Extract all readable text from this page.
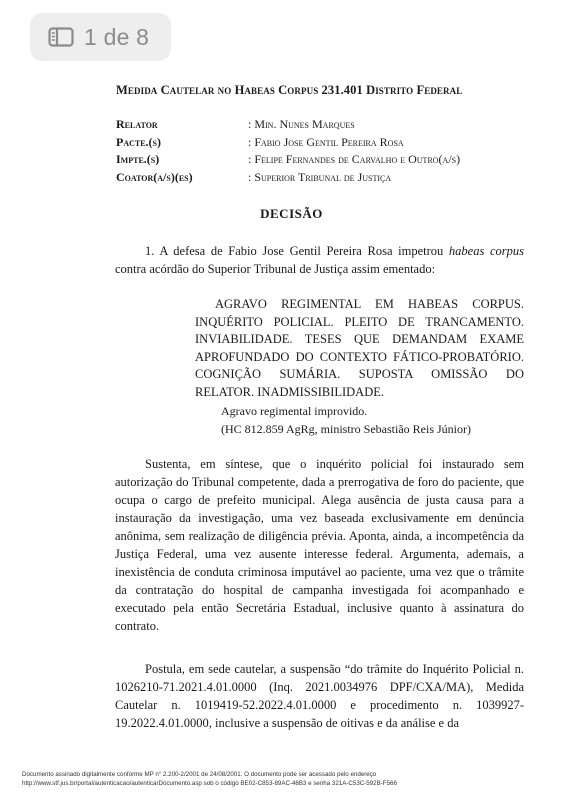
1 de 8
Medida Cautelar no Habeas Corpus 231.401 Distrito Federal
Relator	: Min. Nunes Marques
Pacte.(s)	: Fabio Jose Gentil Pereira Rosa
Impte.(s)	: Felipe Fernandes de Carvalho e Outro(a/s)
Coator(a/s)(es)	: Superior Tribunal de Justiça
DECISÃO

1. A defesa de Fabio Jose Gentil Pereira Rosa impetrou habeas corpus contra acórdão do Superior Tribunal de Justiça assim ementado:

AGRAVO REGIMENTAL EM HABEAS CORPUS. INQUÉRITO POLICIAL. PLEITO DE TRANCAMENTO. INVIABILIDADE. TESES QUE DEMANDAM EXAME APROFUNDADO DO CONTEXTO FÁTICO-PROBATÓRIO. COGNIÇÃO SUMÁRIA. SUPOSTA OMISSÃO DO RELATOR. INADMISSIBILIDADE.

Agravo regimental improvido.
(HC 812.859 AgRg, ministro Sebastião Reis Júnior)

Sustenta, em síntese, que o inquérito policial foi instaurado sem autorização do Tribunal competente, dada a prerrogativa de foro do paciente, que ocupa o cargo de prefeito municipal. Alega ausência de justa causa para a instauração da investigação, uma vez baseada exclusivamente em denúncia anônima, sem realização de diligência prévia. Aponta, ainda, a incompetência da Justiça Federal, uma vez ausente interesse federal. Argumenta, ademais, a inexistência de conduta criminosa imputável ao paciente, uma vez que o trâmite da contratação do hospital de campanha investigada foi acompanhado e executado pela então Secretária Estadual, inclusive quanto à assinatura do contrato.

Postula, em sede cautelar, a suspensão “do trâmite do Inquérito Policial n. 1026210-71.2021.4.01.0000 (Inq. 2021.0034976 DPF/CXA/MA), Medida Cautelar n. 1019419-52.2022.4.01.0000 e procedimento n. 1039927-19.2022.4.01.0000, inclusive a suspensão de oitivas e da análise e da

Documento assinado digitalmente conforme MP n° 2.200-2/2001 de 24/08/2001. O documento pode ser acessado pelo endereço
http://www.stf.jus.br/portal/autenticacao/autenticarDocumento.asp sob o código BE02-C853-89AC-46B3 e senha 321A-C53C-592B-F566
